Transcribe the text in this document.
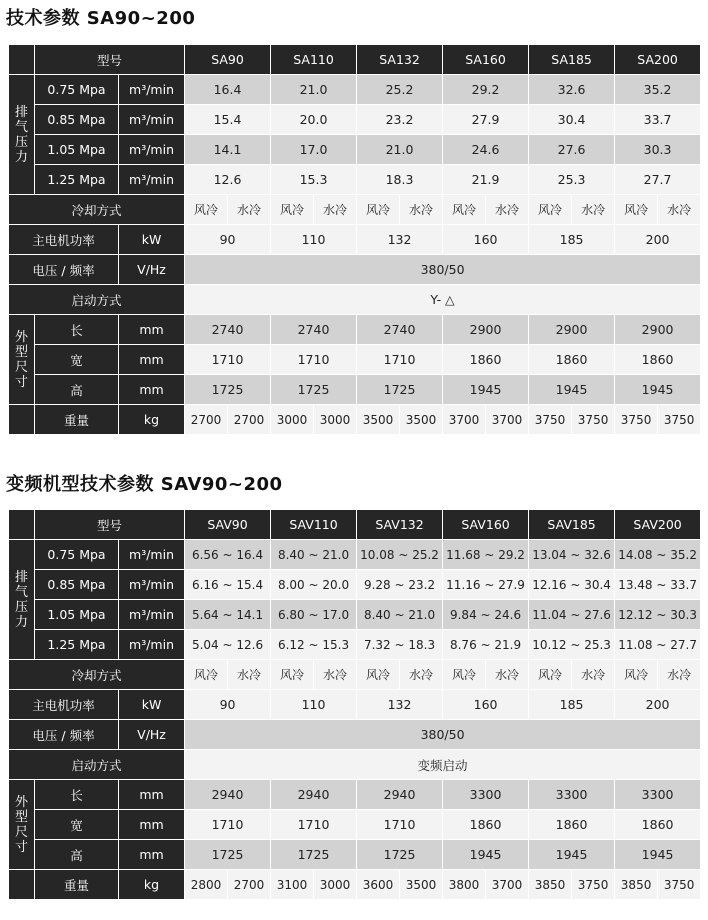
技术参数 SA90~200
	型号		SA90		SA110		SA132		SA160		SA185		SA200	

排气压力	0.75 Mpa	m³/min	16.4		21.0		25.2		29.2		32.6		35.2	
	0.85 Mpa	m³/min	15.4		20.0		23.2		27.9		30.4		33.7	
	1.05 Mpa	m³/min	14.1		17.0		21.0		24.6		27.6		30.3	
	1.25 Mpa	m³/min	12.6		15.3		18.3		21.9		25.3		27.7	
冷却方式			风冷	水冷	风冷	水冷	风冷	水冷	风冷	水冷	风冷	水冷	风冷	水冷
主电机功率		kW	90		110		132		160		185		200	
电压 / 频率		V/Hz	380/50											
启动方式			Y- △											

外型尺寸	长	mm	2740		2740		2740		2900		2900		2900	
	宽	mm	1710		1710		1710		1860		1860		1860	
	高	mm	1725		1725		1725		1945		1945		1945	
	重量	kg	2700	2700	3000	3000	3500	3500	3700	3700	3750	3750	3750	3750
变频机型技术参数 SAV90~200
	型号		SAV90		SAV110		SAV132		SAV160		SAV185		SAV200	

排气压力	0.75 Mpa	m³/min	6.56 ~ 16.4		8.40 ~ 21.0		10.08 ~ 25.2		11.68 ~ 29.2		13.04 ~ 32.6		14.08 ~ 35.2	
	0.85 Mpa	m³/min	6.16 ~ 15.4		8.00 ~ 20.0		9.28 ~ 23.2		11.16 ~ 27.9		12.16 ~ 30.4		13.48 ~ 33.7	
	1.05 Mpa	m³/min	5.64 ~ 14.1		6.80 ~ 17.0		8.40 ~ 21.0		9.84 ~ 24.6		11.04 ~ 27.6		12.12 ~ 30.3	
	1.25 Mpa	m³/min	5.04 ~ 12.6		6.12 ~ 15.3		7.32 ~ 18.3		8.76 ~ 21.9		10.12 ~ 25.3		11.08 ~ 27.7	
冷却方式			风冷	水冷	风冷	水冷	风冷	水冷	风冷	水冷	风冷	水冷	风冷	水冷
主电机功率		kW	90		110		132		160		185		200	
电压 / 频率		V/Hz	380/50											
启动方式			变频启动											

外型尺寸	长	mm	2940		2940		2940		3300		3300		3300	
	宽	mm	1710		1710		1710		1860		1860		1860	
	高	mm	1725		1725		1725		1945		1945		1945	
	重量	kg	2800	2700	3100	3000	3600	3500	3800	3700	3850	3750	3850	3750
